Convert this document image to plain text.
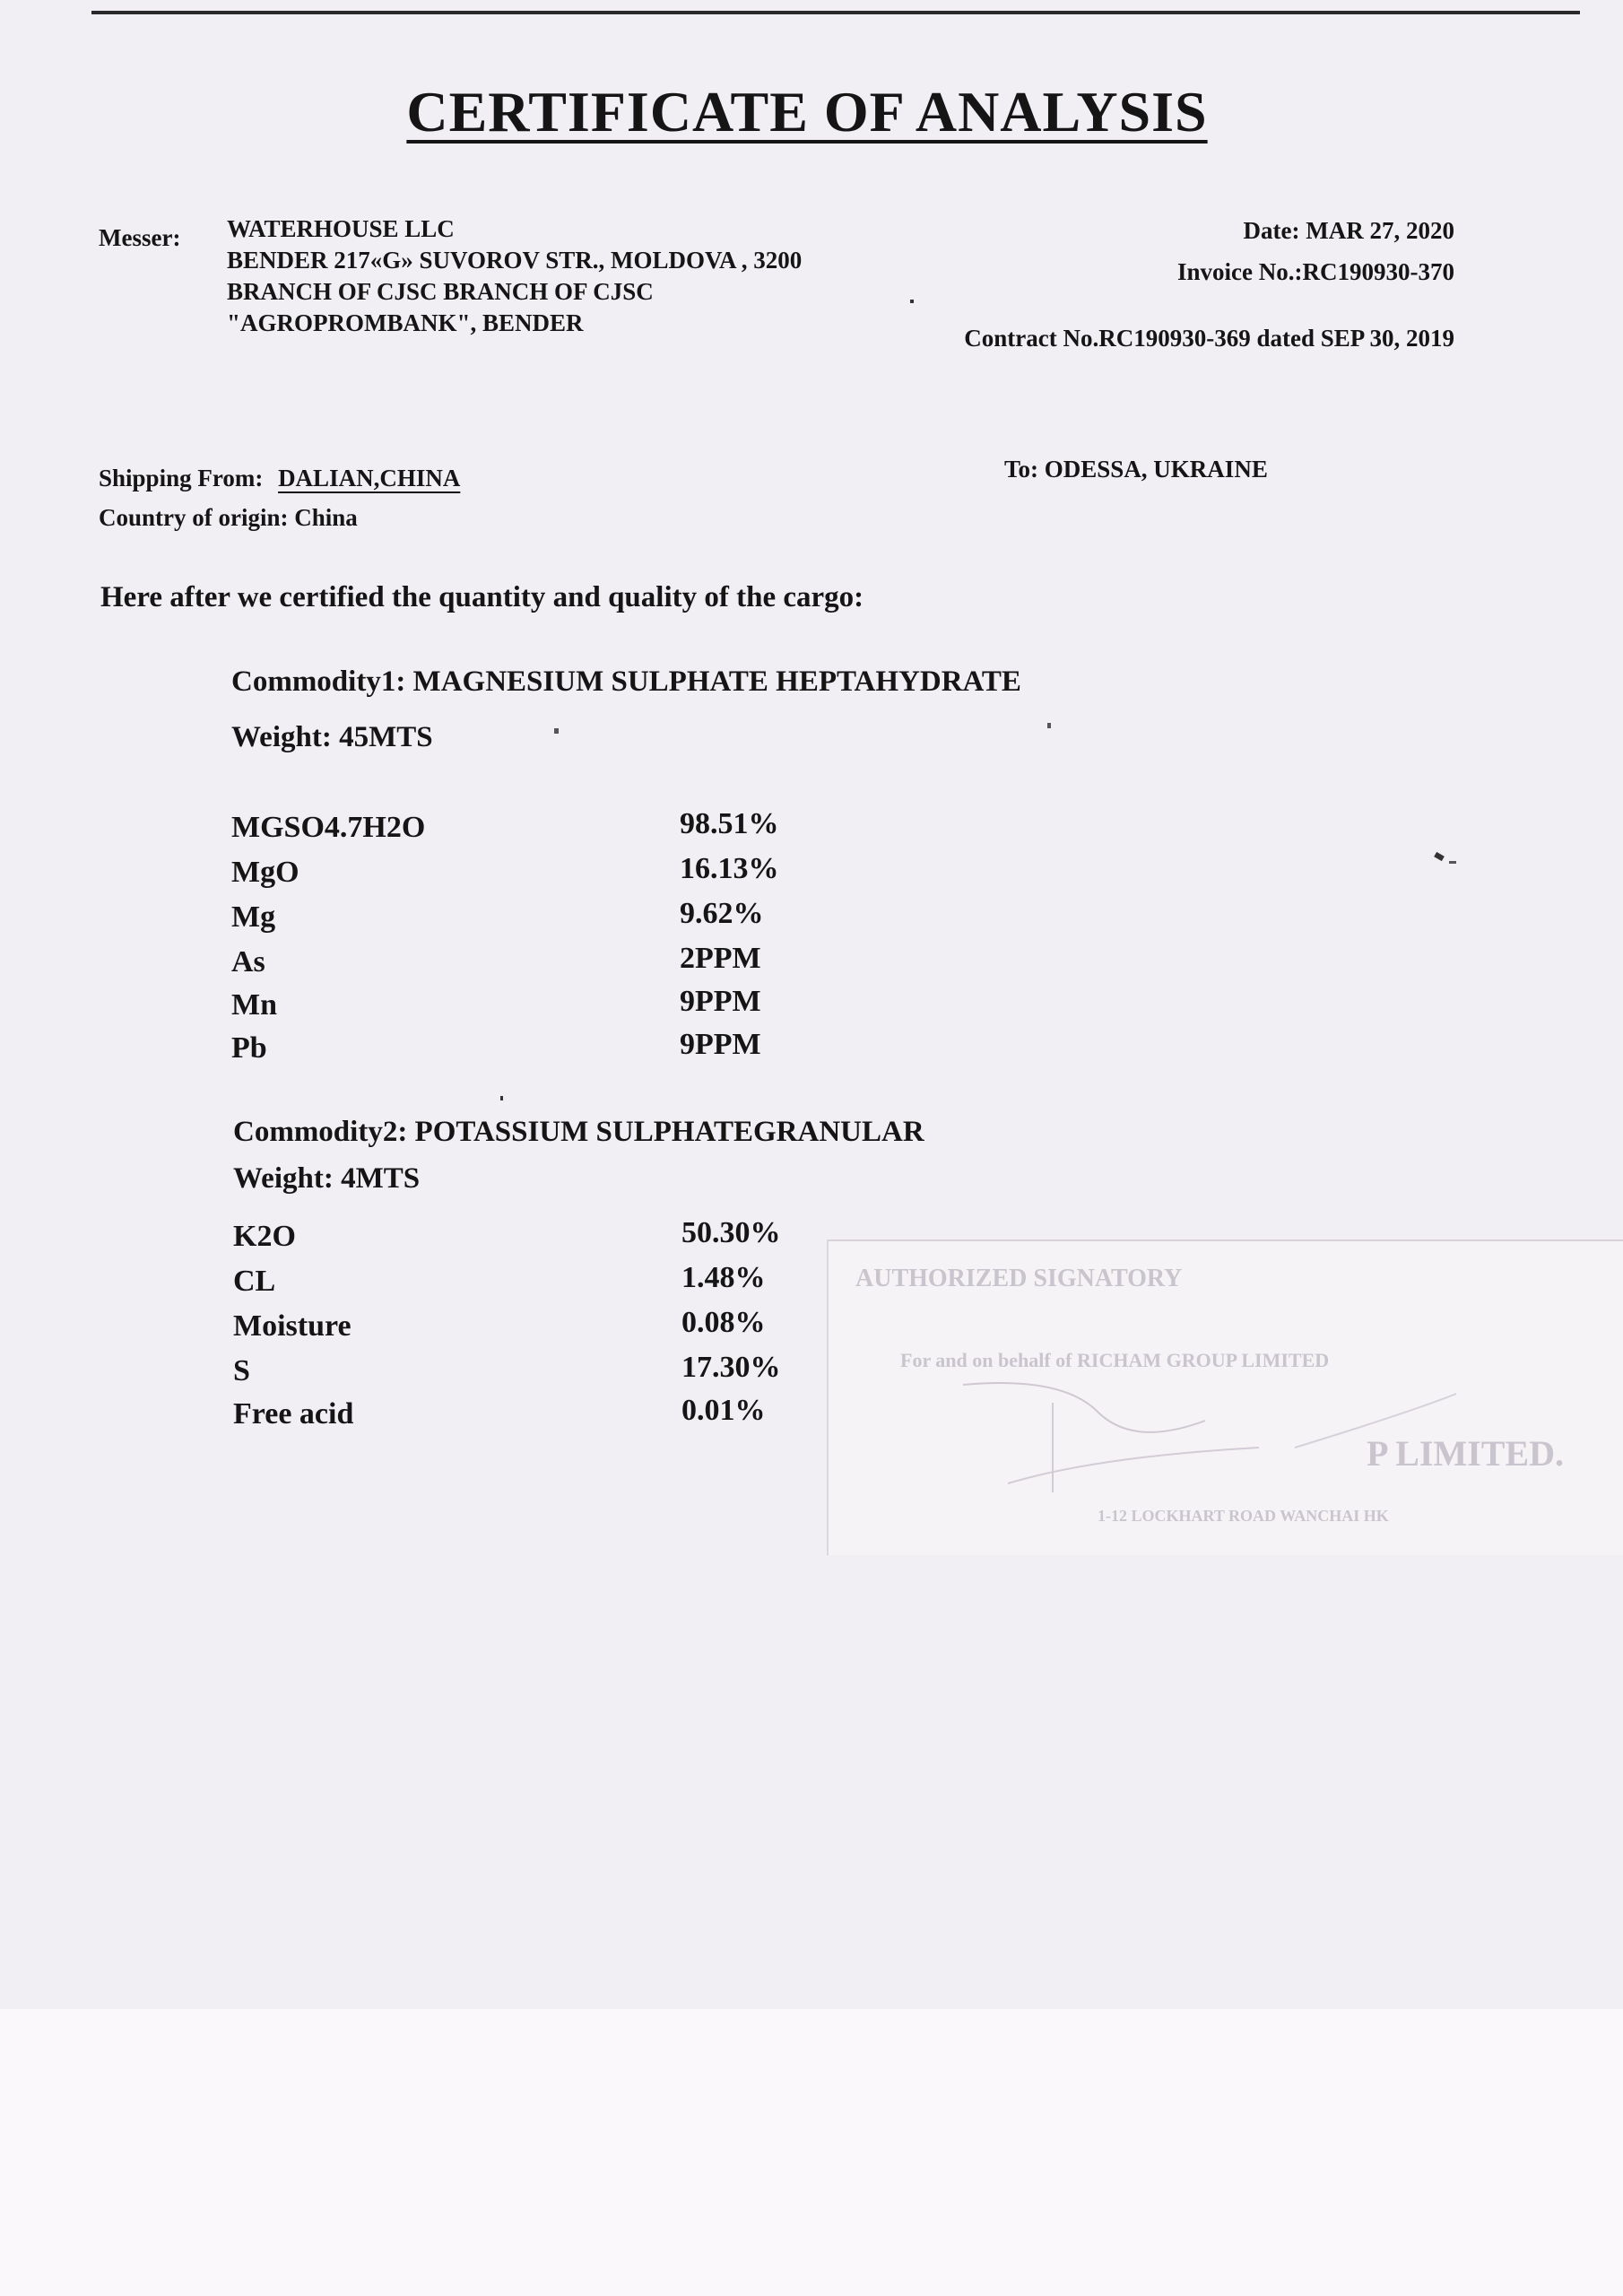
CERTIFICATE OF ANALYSIS
Messer: WATERHOUSE LLC
BENDER 217«G» SUVOROV STR., MOLDOVA , 3200
BRANCH OF CJSC BRANCH OF CJSC
"AGROPROMBANK", BENDER
Date: MAR 27, 2020
Invoice No.:RC190930-370
Contract No.RC190930-369 dated SEP 30, 2019
Shipping From: DALIAN,CHINA	To: ODESSA, UKRAINE
Country of origin: China
Here after we certified the quantity and quality of the cargo:
Commodity1: MAGNESIUM SULPHATE HEPTAHYDRATE
Weight: 45MTS
MGSO4.7H2O	98.51%
MgO	16.13%
Mg	9.62%
As	2PPM
Mn	9PPM
Pb	9PPM
Commodity2: POTASSIUM SULPHATEGRANULAR
Weight: 4MTS
K2O	50.30%
CL	1.48%
Moisture	0.08%
S	17.30%
Free acid	0.01%
AUTHORIZED SIGNATORY
For and on behalf of RICHAM GROUP LIMITED
P LIMITED.
1-12 LOCKHART ROAD WANCHAI HK
